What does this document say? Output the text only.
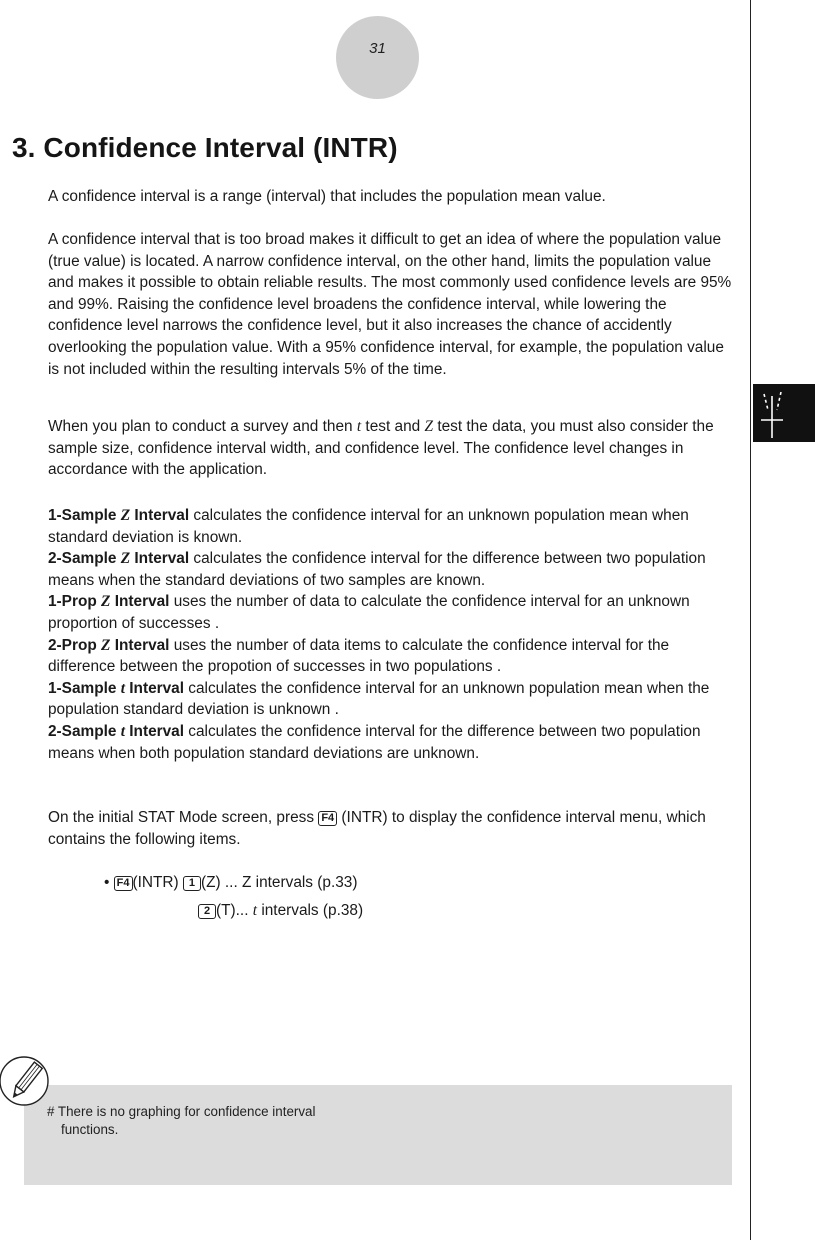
31
3. Confidence Interval (INTR)

A confidence interval is a range (interval) that includes the population mean value.

A confidence interval that is too broad makes it difficult to get an idea of where the population value (true value) is located. A narrow confidence interval, on the other hand, limits the population value and makes it possible to obtain reliable results. The most commonly used confidence levels are 95% and 99%. Raising the confidence level broadens the confidence interval, while lowering the confidence level narrows the confidence level, but it also increases the chance of accidently overlooking the population value. With a 95% confidence interval, for example, the population value is not included within the resulting intervals 5% of the time.

When you plan to conduct a survey and then t test and Z test the data, you must also consider the sample size, confidence interval width, and confidence level. The confidence level changes in accordance with the application.

1-Sample Z Interval calculates the confidence interval for an unknown population mean when standard deviation is known.

2-Sample Z Interval calculates the confidence interval for the difference between two population means when the standard deviations of two samples are known.

1-Prop Z Interval uses the number of data to calculate the confidence interval for an unknown proportion of successes .

2-Prop Z Interval uses the number of data items to calculate the confidence interval for the difference between the propotion of successes in two populations .

1-Sample t Interval calculates the confidence interval for an unknown population mean when the population standard deviation is unknown .

2-Sample t Interval calculates the confidence interval for the difference between two population means when both population standard deviations are unknown.

On the initial STAT Mode screen, press F4 (INTR) to display the confidence interval menu, which contains the following items.

• F4 (INTR) 1 (Z) ... Z intervals (p.33)
2 (T)... t intervals (p.38)
# There is no graphing for confidence interval
functions.
